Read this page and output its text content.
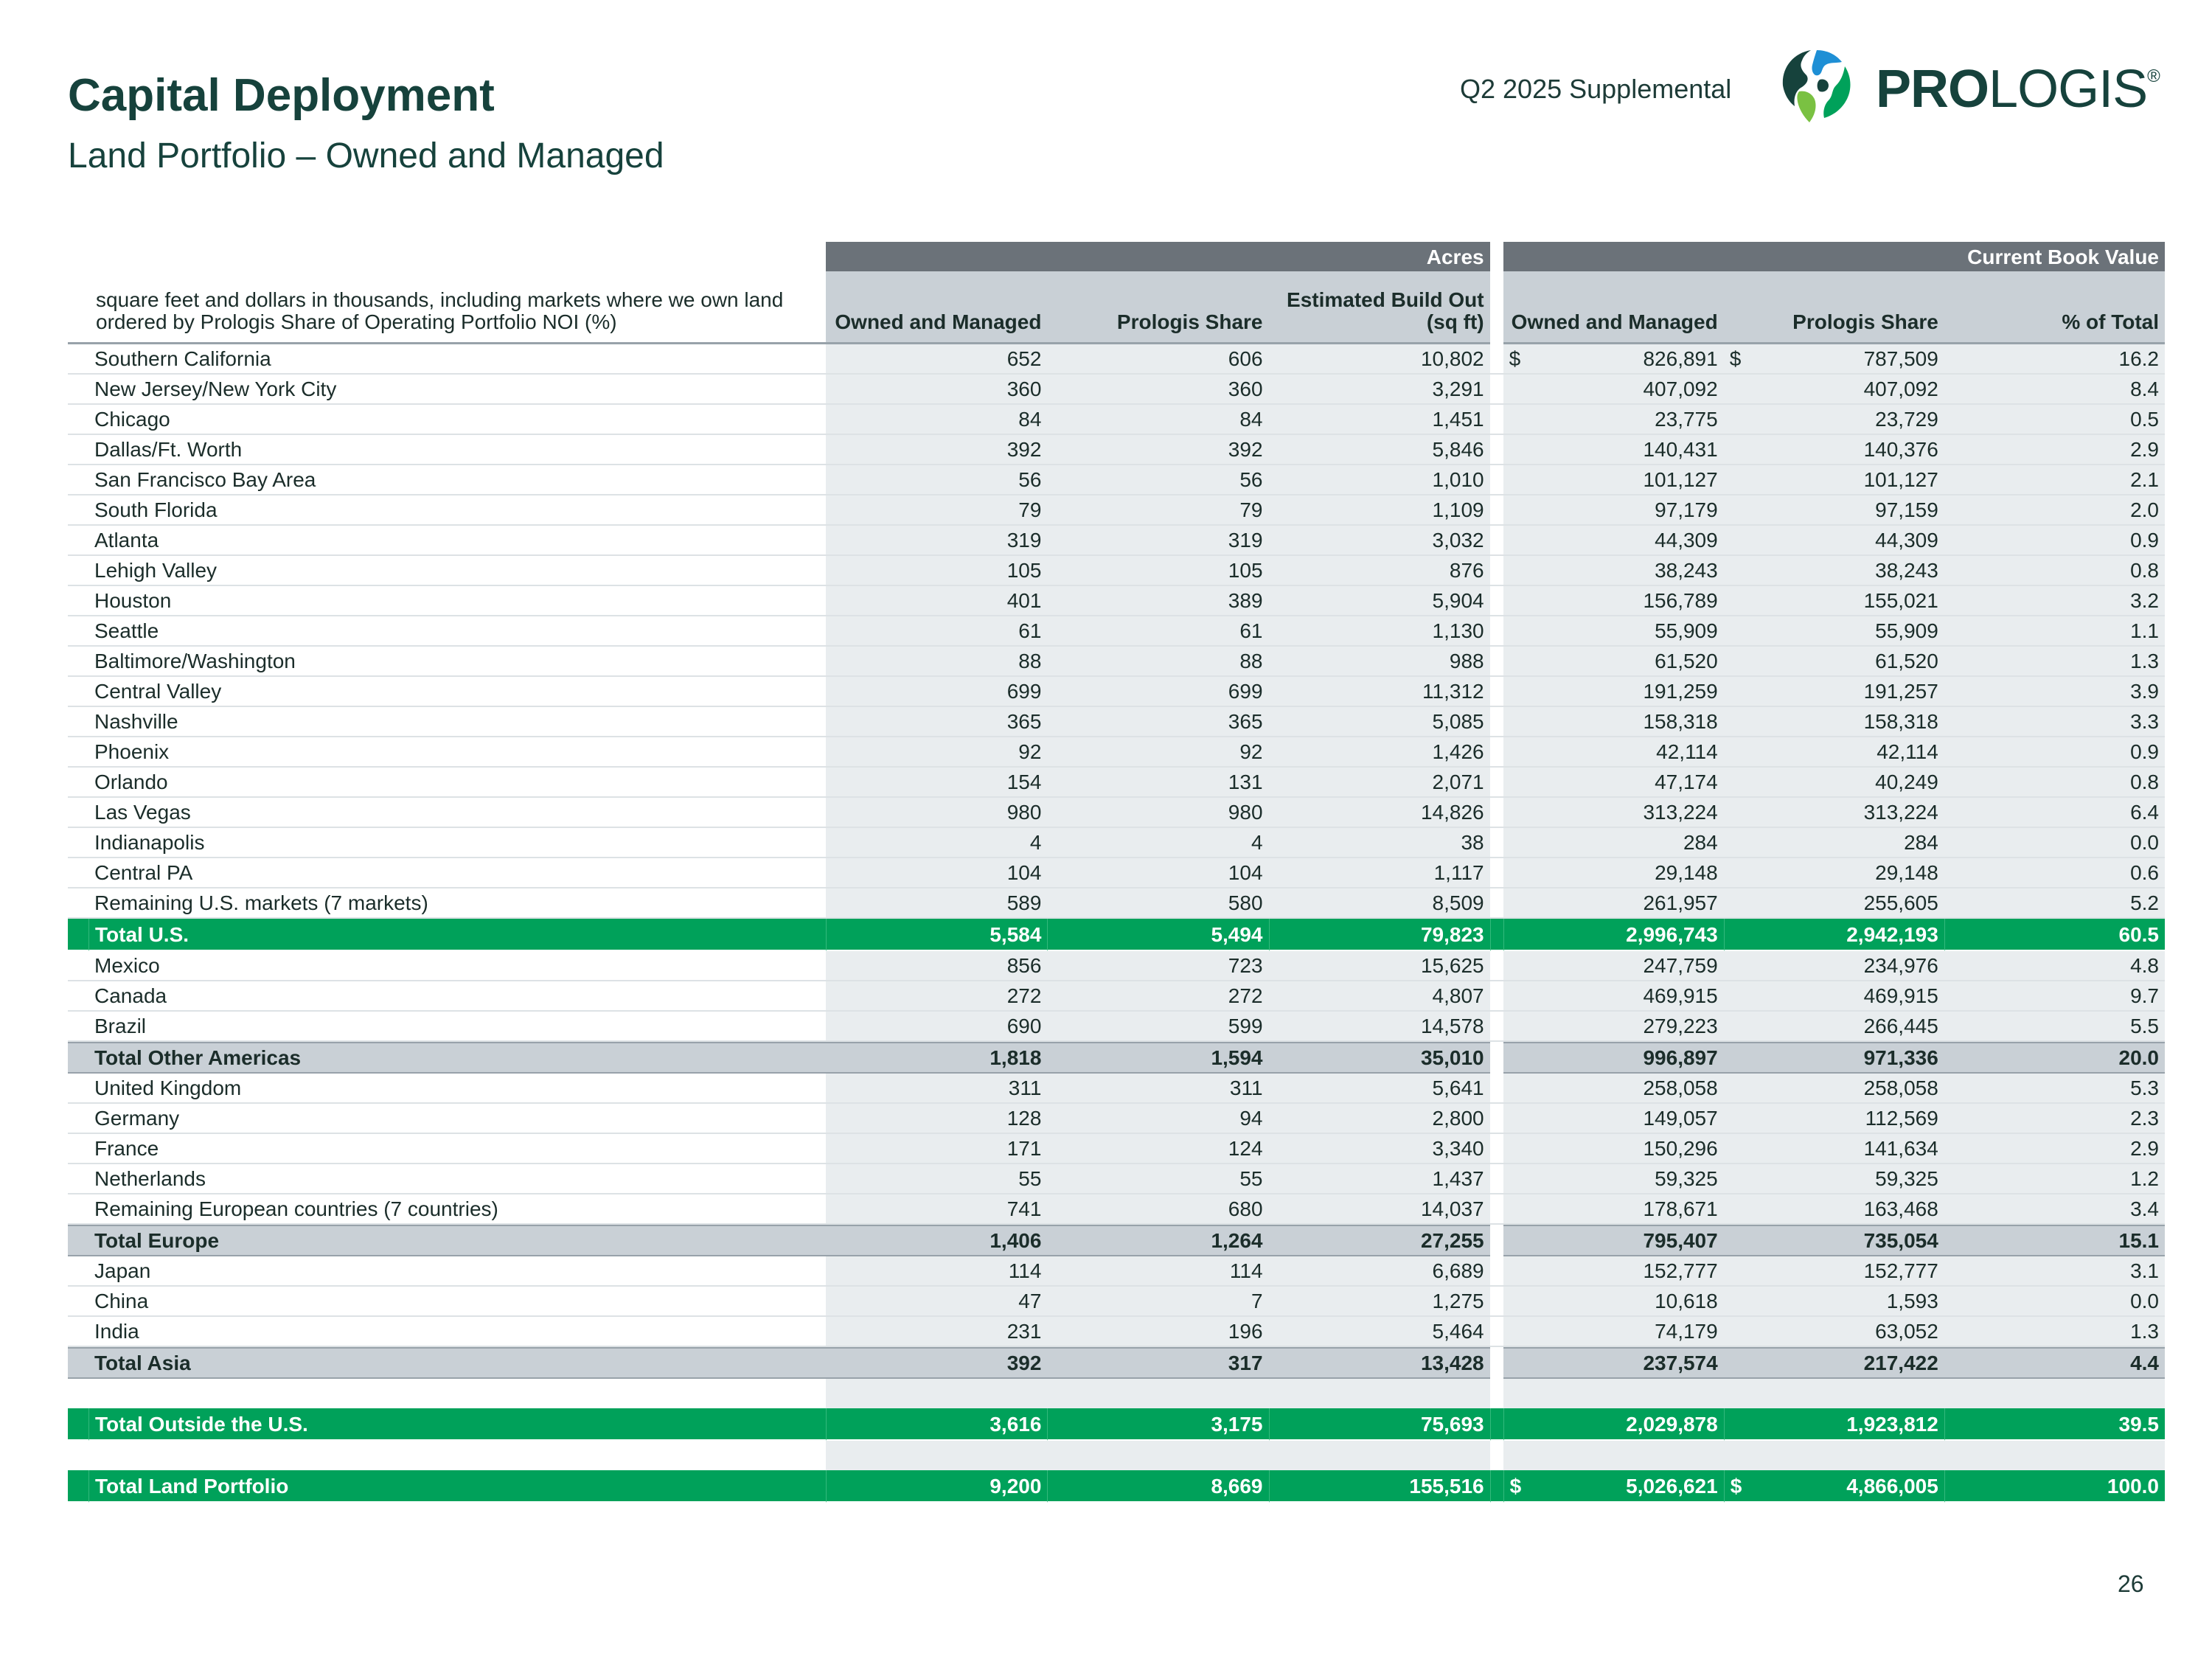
Capital Deployment
Land Portfolio – Owned and Managed
Q2 2025 Supplemental	PROLOGIS®
		Acres				Current Book Value		
	square feet and dollars in thousands, including markets where we own land ordered by Prologis Share of Operating Portfolio NOI (%)	Owned and Managed	Prologis Share	Estimated Build Out (sq ft)		Owned and Managed	Prologis Share	% of Total
	Southern California	652	606	10,802		$ 826,891	$ 787,509	16.2
	New Jersey/New York City	360	360	3,291		407,092	407,092	8.4
	Chicago	84	84	1,451		23,775	23,729	0.5
	Dallas/Ft. Worth	392	392	5,846		140,431	140,376	2.9
	San Francisco Bay Area	56	56	1,010		101,127	101,127	2.1
	South Florida	79	79	1,109		97,179	97,159	2.0
	Atlanta	319	319	3,032		44,309	44,309	0.9
	Lehigh Valley	105	105	876		38,243	38,243	0.8
	Houston	401	389	5,904		156,789	155,021	3.2
	Seattle	61	61	1,130		55,909	55,909	1.1
	Baltimore/Washington	88	88	988		61,520	61,520	1.3
	Central Valley	699	699	11,312		191,259	191,257	3.9
	Nashville	365	365	5,085		158,318	158,318	3.3
	Phoenix	92	92	1,426		42,114	42,114	0.9
	Orlando	154	131	2,071		47,174	40,249	0.8
	Las Vegas	980	980	14,826		313,224	313,224	6.4
	Indianapolis	4	4	38		284	284	0.0
	Central PA	104	104	1,117		29,148	29,148	0.6
	Remaining U.S. markets (7 markets)	589	580	8,509		261,957	255,605	5.2
	Total U.S.	5,584	5,494	79,823		2,996,743	2,942,193	60.5
	Mexico	856	723	15,625		247,759	234,976	4.8
	Canada	272	272	4,807		469,915	469,915	9.7
	Brazil	690	599	14,578		279,223	266,445	5.5
	Total Other Americas	1,818	1,594	35,010		996,897	971,336	20.0
	United Kingdom	311	311	5,641		258,058	258,058	5.3
	Germany	128	94	2,800		149,057	112,569	2.3
	France	171	124	3,340		150,296	141,634	2.9
	Netherlands	55	55	1,437		59,325	59,325	1.2
	Remaining European countries (7 countries)	741	680	14,037		178,671	163,468	3.4
	Total Europe	1,406	1,264	27,255		795,407	735,054	15.1
	Japan	114	114	6,689		152,777	152,777	3.1
	China	47	7	1,275		10,618	1,593	0.0
	India	231	196	5,464		74,179	63,052	1.3
	Total Asia	392	317	13,428		237,574	217,422	4.4

	Total Outside the U.S.	3,616	3,175	75,693		2,029,878	1,923,812	39.5

	Total Land Portfolio	9,200	8,669	155,516		$ 5,026,621	$ 4,866,005	100.0
26
